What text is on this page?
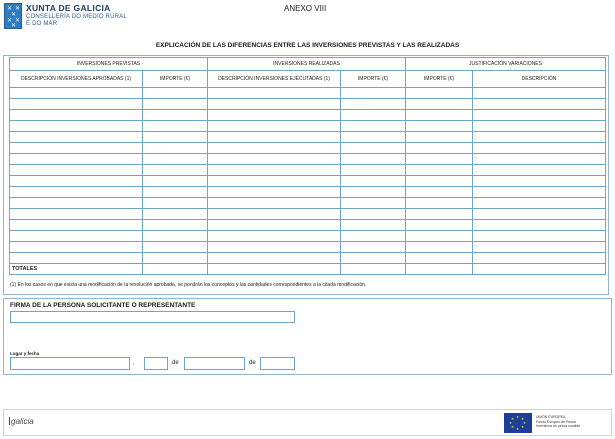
✕ ✕
✕
✕ ✕
✕
XUNTA DE GALICIA
CONSELLERÍA DO MEDIO RURAL
E DO MAR
ANEXO VIII
EXPLICACIÓN DE LAS DIFERENCIAS ENTRE LAS INVERSIONES PREVISTAS Y LAS REALIZADAS
INVERSIONES PREVISTAS		INVERSIONES REALIZADAS		JUSTIFICACIÓN VARIACIONES	
DESCRIPCIÓN INVERSIONES APROBADAS (1)	IMPORTE (€)	DESCRIPCIÓN INVERSIONES EJECUTADAS (1)	IMPORTE (€)	IMPORTE (€)	DESCRIPCIÓN

TOTALES					
(1) En los casos en que exista una modificación de la resolución aprobada, se pondrán los conceptos y las cantidades correspondientes a la citada modificación.
FIRMA DE LA PERSONA SOLICITANTE O REPRESENTANTE
Lugar y fecha
,	de	de
galicia	★ ★
★
★
★
★
★
★	UNIÓN EUROPEA
Fondo Europeo de Pesca
Invertimos en pesca sostible
